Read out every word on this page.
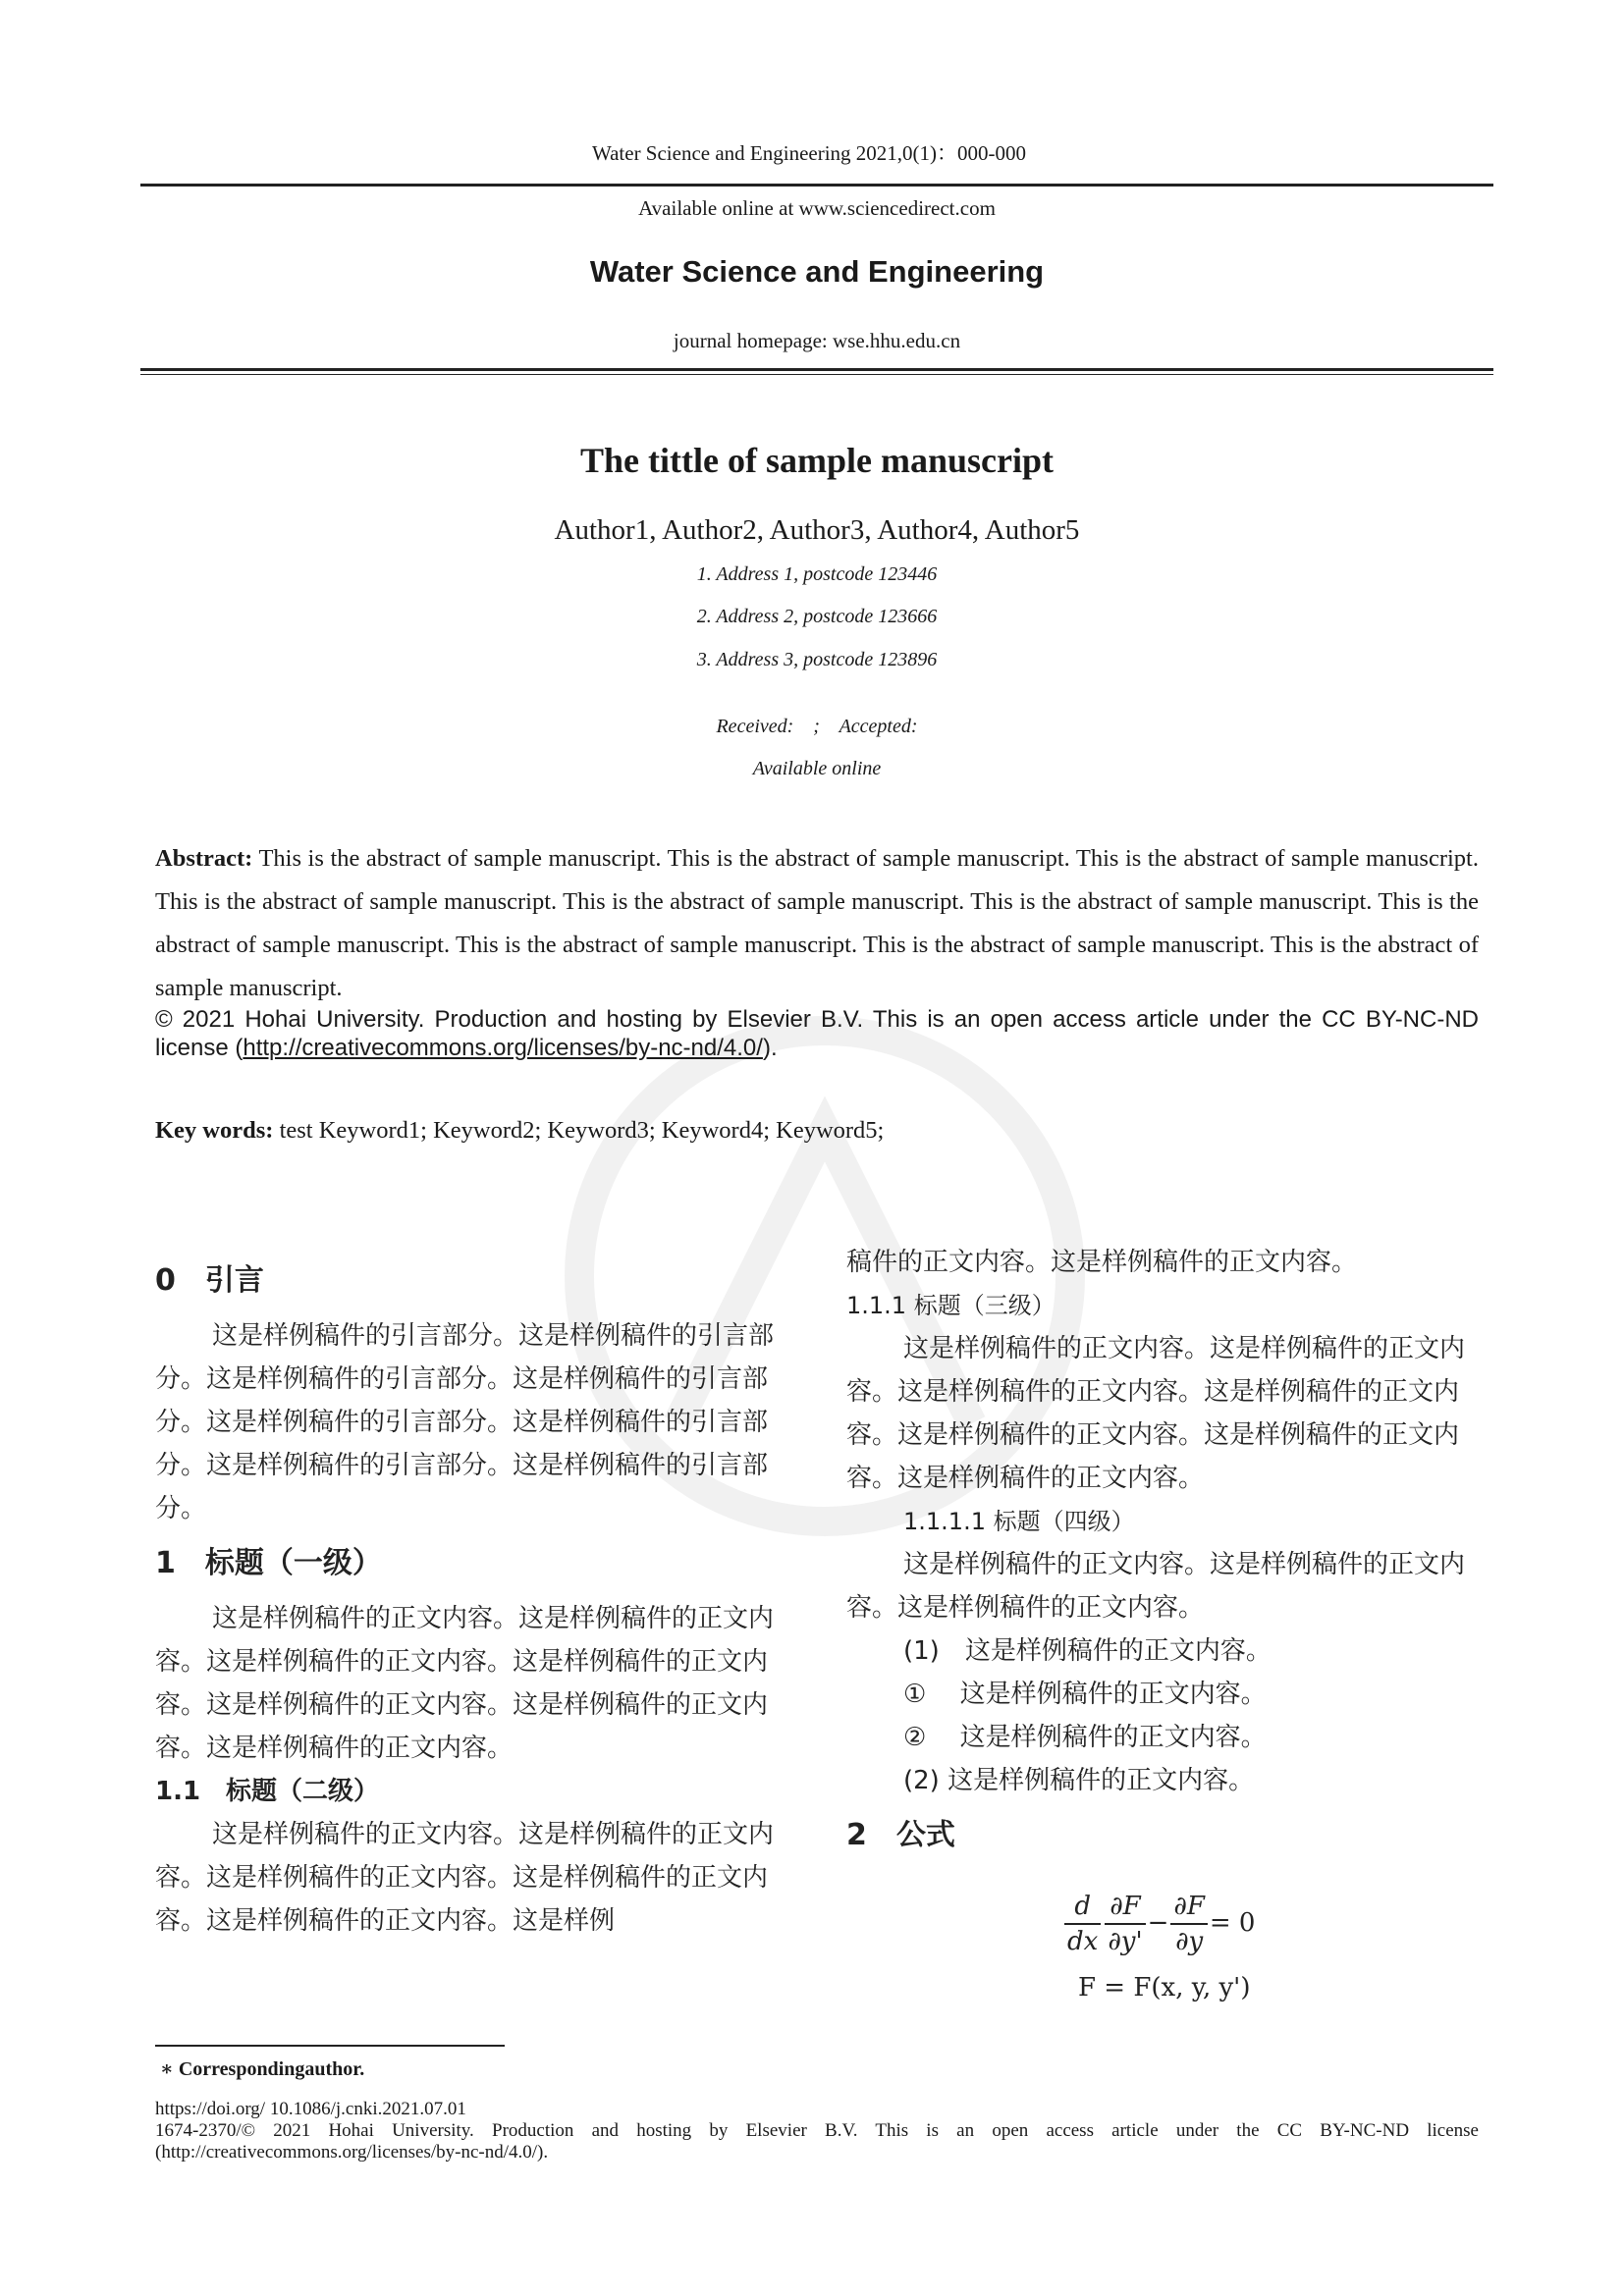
Water Science and Engineering 2021,0(1)：000-000
Available online at www.sciencedirect.com
Water Science and Engineering
journal homepage: wse.hhu.edu.cn
The tittle of sample manuscript
Author1, Author2, Author3, Author4, Author5
1. Address 1, postcode 123446
2. Address 2, postcode 123666
3. Address 3, postcode 123896
Received:    ;    Accepted:
Available online
Abstract: This is the abstract of sample manuscript. This is the abstract of sample manuscript. This is the abstract of sample manuscript. This is the abstract of sample manuscript. This is the abstract of sample manuscript. This is the abstract of sample manuscript. This is the abstract of sample manuscript. This is the abstract of sample manuscript. This is the abstract of sample manuscript. This is the abstract of sample manuscript.
© 2021 Hohai University. Production and hosting by Elsevier B.V. This is an open access article under the CC BY-NC-ND license (http://creativecommons.org/licenses/by-nc-nd/4.0/).
Key words: test Keyword1; Keyword2; Keyword3; Keyword4; Keyword5;

0　引言

这是样例稿件的引言部分。这是样例稿件的引言部分。这是样例稿件的引言部分。这是样例稿件的引言部分。这是样例稿件的引言部分。这是样例稿件的引言部分。这是样例稿件的引言部分。这是样例稿件的引言部分。

1　标题（一级）

这是样例稿件的正文内容。这是样例稿件的正文内容。这是样例稿件的正文内容。这是样例稿件的正文内容。这是样例稿件的正文内容。这是样例稿件的正文内容。这是样例稿件的正文内容。

1.1　标题（二级）

这是样例稿件的正文内容。这是样例稿件的正文内容。这是样例稿件的正文内容。这是样例稿件的正文内容。这是样例稿件的正文内容。这是样例

稿件的正文内容。这是样例稿件的正文内容。

1.1.1 标题（三级）

这是样例稿件的正文内容。这是样例稿件的正文内容。这是样例稿件的正文内容。这是样例稿件的正文内容。这是样例稿件的正文内容。这是样例稿件的正文内容。这是样例稿件的正文内容。

1.1.1.1 标题（四级）

这是样例稿件的正文内容。这是样例稿件的正文内容。这是样例稿件的正文内容。

(1)　这是样例稿件的正文内容。

①　 这是样例稿件的正文内容。

②　 这是样例稿件的正文内容。

(2) 这是样例稿件的正文内容。

2　公式

$\frac{d}{dx} \frac{\partial F}{\partial y'} - \frac{\partial F}{\partial y} = 0$
F = F(x, y, y')
∗ Correspondingauthor.
https://doi.org/ 10.1086/j.cnki.2021.07.01
1674-2370/© 2021 Hohai University. Production and hosting by Elsevier B.V. This is an open access article under the CC BY-NC-ND license (http://creativecommons.org/licenses/by-nc-nd/4.0/).
